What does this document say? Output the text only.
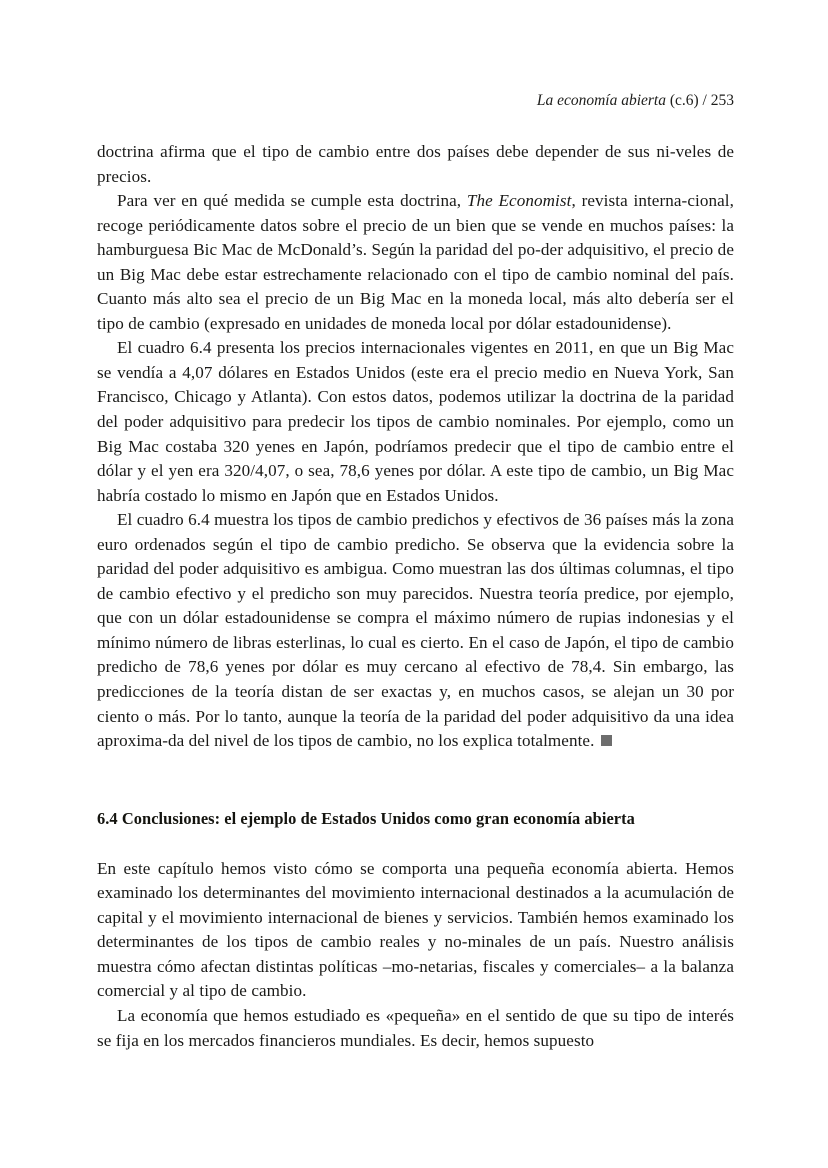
La economía abierta (c.6) / 253

doctrina afirma que el tipo de cambio entre dos países debe depender de sus ni-veles de precios.

Para ver en qué medida se cumple esta doctrina, The Economist, revista interna-cional, recoge periódicamente datos sobre el precio de un bien que se vende en muchos países: la hamburguesa Bic Mac de McDonald’s. Según la paridad del po-der adquisitivo, el precio de un Big Mac debe estar estrechamente relacionado con el tipo de cambio nominal del país. Cuanto más alto sea el precio de un Big Mac en la moneda local, más alto debería ser el tipo de cambio (expresado en unidades de moneda local por dólar estadounidense).

El cuadro 6.4 presenta los precios internacionales vigentes en 2011, en que un Big Mac se vendía a 4,07 dólares en Estados Unidos (este era el precio medio en Nueva York, San Francisco, Chicago y Atlanta). Con estos datos, podemos utilizar la doctrina de la paridad del poder adquisitivo para predecir los tipos de cambio nominales. Por ejemplo, como un Big Mac costaba 320 yenes en Japón, podríamos predecir que el tipo de cambio entre el dólar y el yen era 320/4,07, o sea, 78,6 yenes por dólar. A este tipo de cambio, un Big Mac habría costado lo mismo en Japón que en Estados Unidos.

El cuadro 6.4 muestra los tipos de cambio predichos y efectivos de 36 países más la zona euro ordenados según el tipo de cambio predicho. Se observa que la evidencia sobre la paridad del poder adquisitivo es ambigua. Como muestran las dos últimas columnas, el tipo de cambio efectivo y el predicho son muy parecidos. Nuestra teoría predice, por ejemplo, que con un dólar estadounidense se compra el máximo número de rupias indonesias y el mínimo número de libras esterlinas, lo cual es cierto. En el caso de Japón, el tipo de cambio predicho de 78,6 yenes por dólar es muy cercano al efectivo de 78,4. Sin embargo, las predicciones de la teoría distan de ser exactas y, en muchos casos, se alejan un 30 por ciento o más. Por lo tanto, aunque la teoría de la paridad del poder adquisitivo da una idea aproxima-da del nivel de los tipos de cambio, no los explica totalmente.

6.4 Conclusiones: el ejemplo de Estados Unidos como gran economía abierta

En este capítulo hemos visto cómo se comporta una pequeña economía abierta. Hemos examinado los determinantes del movimiento internacional destinados a la acumulación de capital y el movimiento internacional de bienes y servicios. También hemos examinado los determinantes de los tipos de cambio reales y no-minales de un país. Nuestro análisis muestra cómo afectan distintas políticas –mo-netarias, fiscales y comerciales– a la balanza comercial y al tipo de cambio.

La economía que hemos estudiado es «pequeña» en el sentido de que su tipo de interés se fija en los mercados financieros mundiales. Es decir, hemos supuesto
